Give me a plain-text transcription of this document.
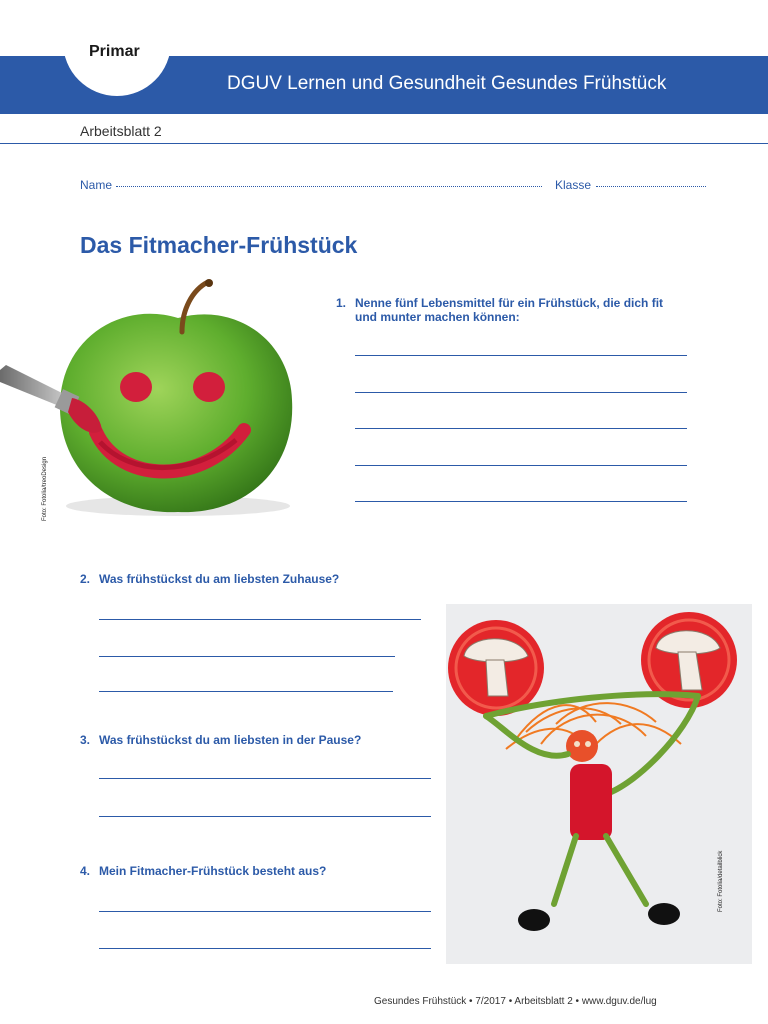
DGUV Lernen und Gesundheit Gesundes Frühstück
Primar
Arbeitsblatt 2
Name	Klasse
Das Fitmacher-Frühstück
Foto: Fotolia/treoDesign
1. Nenne fünf Lebensmittel für ein Frühstück, die dich fit
und munter machen können:
2. Was frühstückst du am liebsten Zuhause?
3. Was frühstückst du am liebsten in der Pause?
4. Mein Fitmacher-Frühstück besteht aus?	Foto: Fotolia/detailblick
Gesundes Frühstück • 7/2017 • Arbeitsblatt 2 • www.dguv.de/lug
